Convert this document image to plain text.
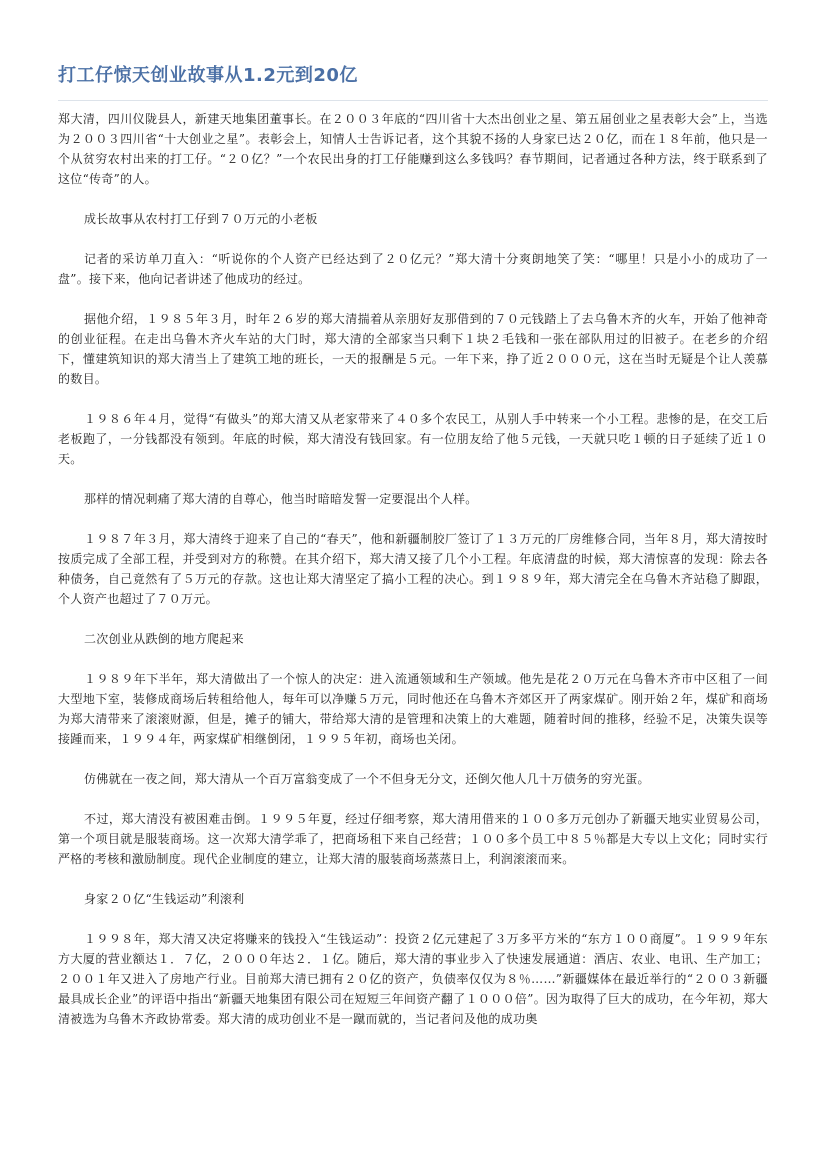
打工仔惊天创业故事从1.2元到20亿

郑大清，四川仪陇县人，新建天地集团董事长。在２００３年底的“四川省十大杰出创业之星、第五届创业之星表彰大会”上，当选为２００３四川省“十大创业之星”。表彰会上，知情人士告诉记者，这个其貌不扬的人身家已达２０亿，而在１８年前，他只是一个从贫穷农村出来的打工仔。“２０亿？”一个农民出身的打工仔能赚到这么多钱吗？春节期间，记者通过各种方法，终于联系到了这位“传奇”的人。

成长故事从农村打工仔到７０万元的小老板

记者的采访单刀直入：“听说你的个人资产已经达到了２０亿元？”郑大清十分爽朗地笑了笑：“哪里！只是小小的成功了一盘”。接下来，他向记者讲述了他成功的经过。

据他介绍，１９８５年３月，时年２６岁的郑大清揣着从亲朋好友那借到的７０元钱踏上了去乌鲁木齐的火车，开始了他神奇的创业征程。在走出乌鲁木齐火车站的大门时，郑大清的全部家当只剩下１块２毛钱和一张在部队用过的旧被子。在老乡的介绍下，懂建筑知识的郑大清当上了建筑工地的班长，一天的报酬是５元。一年下来，挣了近２０００元，这在当时无疑是个让人羡慕的数目。

１９８６年４月，觉得“有做头”的郑大清又从老家带来了４０多个农民工，从别人手中转来一个小工程。悲惨的是，在交工后老板跑了，一分钱都没有领到。年底的时候，郑大清没有钱回家。有一位朋友给了他５元钱，一天就只吃１顿的日子延续了近１０天。

那样的情况刺痛了郑大清的自尊心，他当时暗暗发誓一定要混出个人样。

１９８７年３月，郑大清终于迎来了自己的“春天”，他和新疆制胶厂签订了１３万元的厂房维修合同，当年８月，郑大清按时按质完成了全部工程，并受到对方的称赞。在其介绍下，郑大清又接了几个小工程。年底清盘的时候，郑大清惊喜的发现：除去各种债务，自己竟然有了５万元的存款。这也让郑大清坚定了搞小工程的决心。到１９８９年，郑大清完全在乌鲁木齐站稳了脚跟，个人资产也超过了７０万元。

二次创业从跌倒的地方爬起来

１９８９年下半年，郑大清做出了一个惊人的决定：进入流通领域和生产领域。他先是花２０万元在乌鲁木齐市中区租了一间大型地下室，装修成商场后转租给他人，每年可以净赚５万元，同时他还在乌鲁木齐郊区开了两家煤矿。刚开始２年，煤矿和商场为郑大清带来了滚滚财源，但是，摊子的铺大，带给郑大清的是管理和决策上的大难题，随着时间的推移，经验不足，决策失误等接踵而来，１９９４年，两家煤矿相继倒闭，１９９５年初，商场也关闭。

仿佛就在一夜之间，郑大清从一个百万富翁变成了一个不但身无分文，还倒欠他人几十万债务的穷光蛋。

不过，郑大清没有被困难击倒。１９９５年夏，经过仔细考察，郑大清用借来的１００多万元创办了新疆天地实业贸易公司，第一个项目就是服装商场。这一次郑大清学乖了，把商场租下来自己经营；１００多个员工中８５％都是大专以上文化；同时实行严格的考核和激励制度。现代企业制度的建立，让郑大清的服装商场蒸蒸日上，利润滚滚而来。

身家２０亿“生钱运动”利滚利

１９９８年，郑大清又决定将赚来的钱投入“生钱运动”：投资２亿元建起了３万多平方米的“东方１００商厦”。１９９９年东方大厦的营业额达１．７亿，２０００年达２．１亿。随后，郑大清的事业步入了快速发展通道：酒店、农业、电讯、生产加工；２００１年又进入了房地产行业。目前郑大清已拥有２０亿的资产，负债率仅仅为８％……”新疆媒体在最近举行的“２００３新疆最具成长企业”的评语中指出“新疆天地集团有限公司在短短三年间资产翻了１０００倍”。因为取得了巨大的成功，在今年初，郑大清被选为乌鲁木齐政协常委。郑大清的成功创业不是一蹴而就的，当记者问及他的成功奥
